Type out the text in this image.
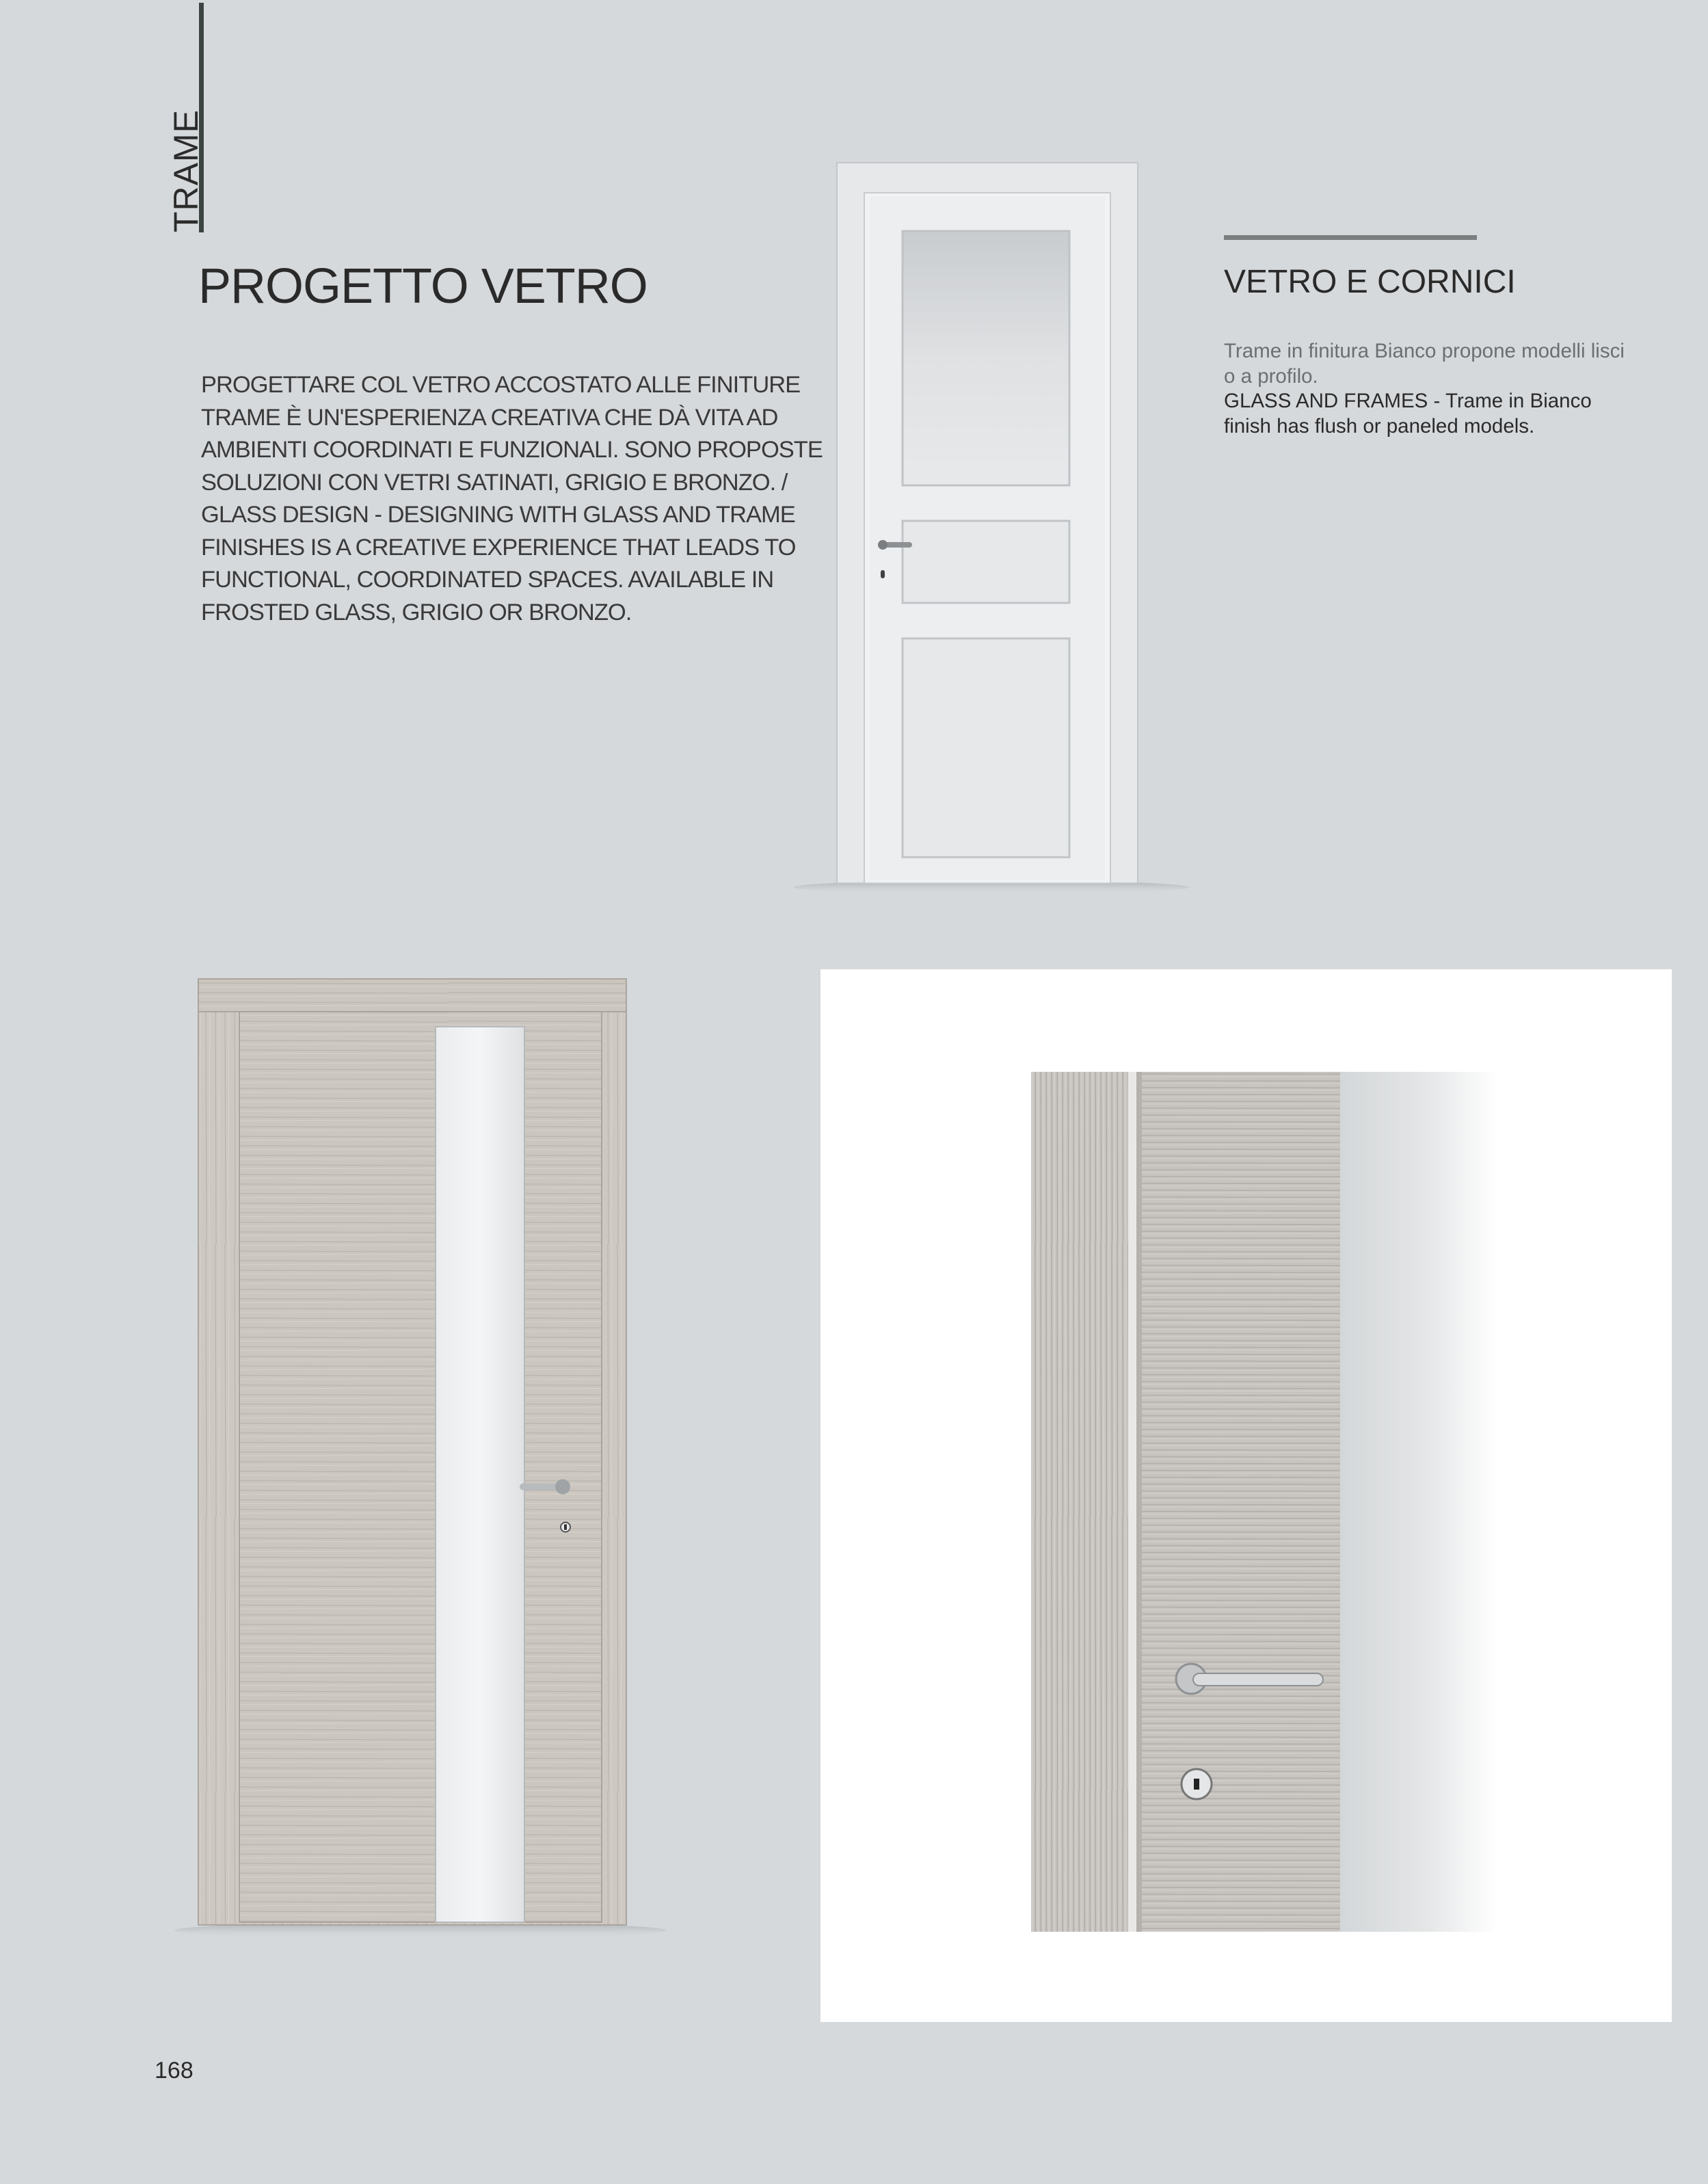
TRAME
PROGETTO VETRO
PROGETTARE COL VETRO ACCOSTATO ALLE FINITURE TRAME È UN'ESPERIENZA CREATIVA CHE DÀ VITA AD AMBIENTI COORDINATI E FUNZIONALI. SONO PROPOSTE SOLUZIONI CON VETRI SATINATI, GRIGIO E BRONZO. / GLASS DESIGN - DESIGNING WITH GLASS AND TRAME FINISHES IS A CREATIVE EXPERIENCE THAT LEADS TO FUNCTIONAL, COORDINATED SPACES. AVAILABLE IN FROSTED GLASS, GRIGIO OR BRONZO.
VETRO E CORNICI
Trame in finitura Bianco propone modelli lisci o a profilo.
GLASS AND FRAMES - Trame in Bianco finish has flush or paneled models.
168
